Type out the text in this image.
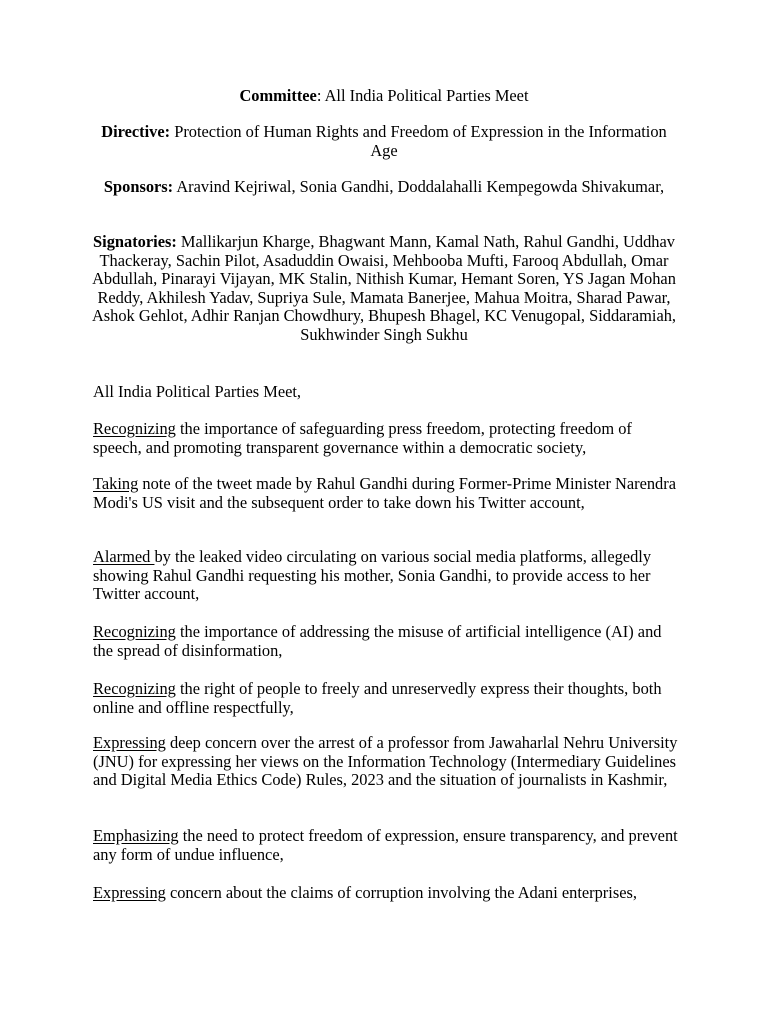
Committee: All India Political Parties Meet
Directive: Protection of Human Rights and Freedom of Expression in the Information Age
Sponsors: Aravind Kejriwal, Sonia Gandhi, Doddalahalli Kempegowda Shivakumar,
Signatories: Mallikarjun Kharge, Bhagwant Mann, Kamal Nath, Rahul Gandhi, Uddhav Thackeray, Sachin Pilot, Asaduddin Owaisi, Mehbooba Mufti, Farooq Abdullah, Omar Abdullah, Pinarayi Vijayan, MK Stalin, Nithish Kumar, Hemant Soren, YS Jagan Mohan Reddy, Akhilesh Yadav, Supriya Sule, Mamata Banerjee, Mahua Moitra, Sharad Pawar, Ashok Gehlot, Adhir Ranjan Chowdhury, Bhupesh Bhagel, KC Venugopal, Siddaramiah, Sukhwinder Singh Sukhu
All India Political Parties Meet,
Recognizing the importance of safeguarding press freedom, protecting freedom of speech, and promoting transparent governance within a democratic society,
Taking note of the tweet made by Rahul Gandhi during Former-Prime Minister Narendra Modi's US visit and the subsequent order to take down his Twitter account,
Alarmed by the leaked video circulating on various social media platforms, allegedly showing Rahul Gandhi requesting his mother, Sonia Gandhi, to provide access to her Twitter account,
Recognizing the importance of addressing the misuse of artificial intelligence (AI) and the spread of disinformation,
Recognizing the right of people to freely and unreservedly express their thoughts, both online and offline respectfully,
Expressing deep concern over the arrest of a professor from Jawaharlal Nehru University (JNU) for expressing her views on the Information Technology (Intermediary Guidelines and Digital Media Ethics Code) Rules, 2023 and the situation of journalists in Kashmir,
Emphasizing the need to protect freedom of expression, ensure transparency, and prevent any form of undue influence,
Expressing concern about the claims of corruption involving the Adani enterprises,
